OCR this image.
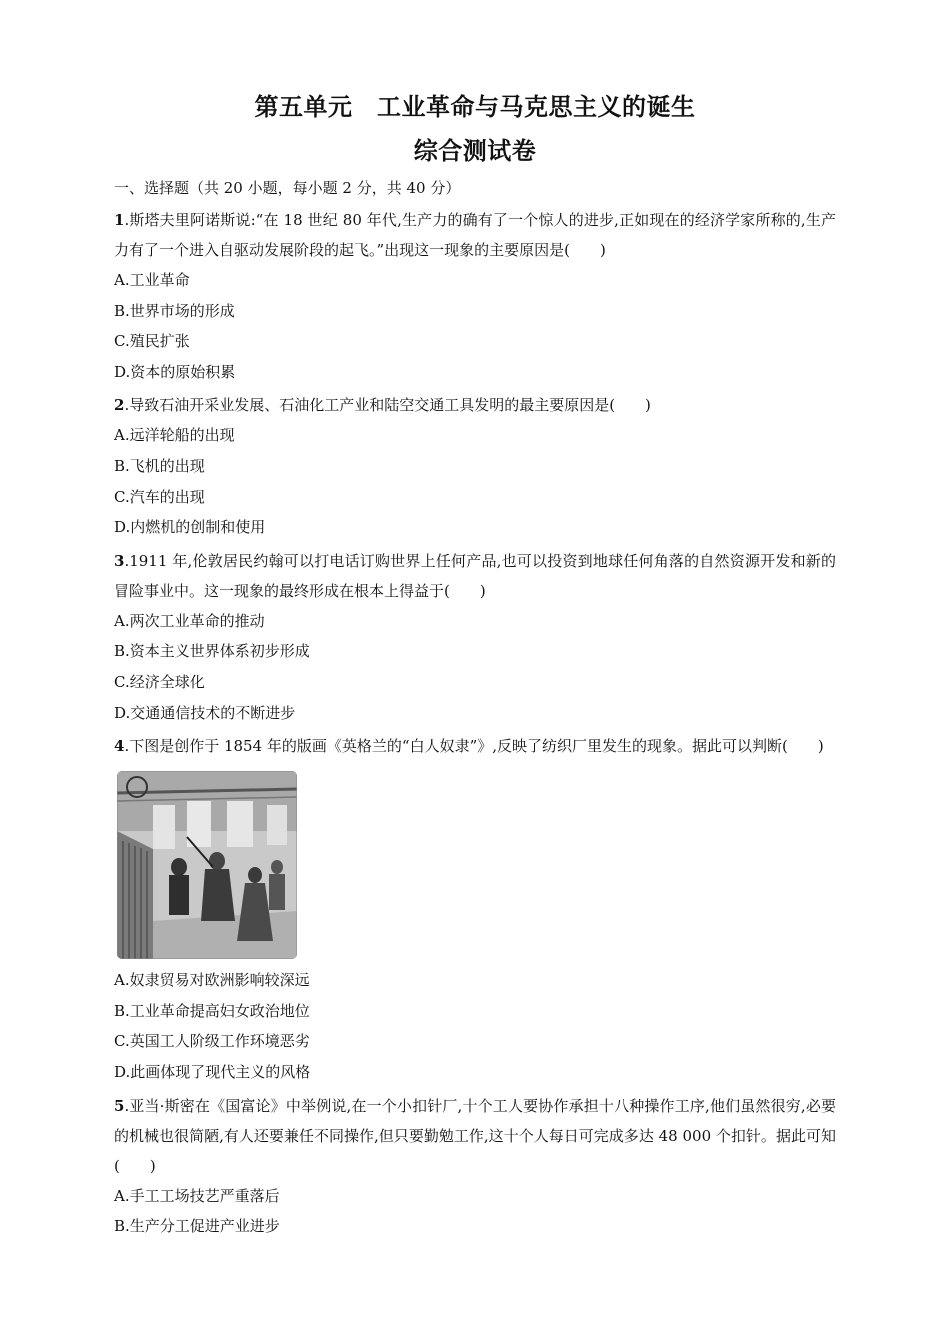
第五单元　工业革命与马克思主义的诞生
综合测试卷
一、选择题（共 20 小题，每小题 2 分，共 40 分）
1.斯塔夫里阿诺斯说:“在 18 世纪 80 年代,生产力的确有了一个惊人的进步,正如现在的经济学家所称的,生产力有了一个进入自驱动发展阶段的起飞。”出现这一现象的主要原因是(　　)
A.工业革命
B.世界市场的形成
C.殖民扩张
D.资本的原始积累
2.导致石油开采业发展、石油化工产业和陆空交通工具发明的最主要原因是(　　)
A.远洋轮船的出现
B.飞机的出现
C.汽车的出现
D.内燃机的创制和使用
3.1911 年,伦敦居民约翰可以打电话订购世界上任何产品,也可以投资到地球任何角落的自然资源开发和新的冒险事业中。这一现象的最终形成在根本上得益于(　　)
A.两次工业革命的推动
B.资本主义世界体系初步形成
C.经济全球化
D.交通通信技术的不断进步
4.下图是创作于 1854 年的版画《英格兰的“白人奴隶”》,反映了纺织厂里发生的现象。据此可以判断(　　)
A.奴隶贸易对欧洲影响较深远
B.工业革命提高妇女政治地位
C.英国工人阶级工作环境恶劣
D.此画体现了现代主义的风格
5.亚当·斯密在《国富论》中举例说,在一个小扣针厂,十个工人要协作承担十八种操作工序,他们虽然很穷,必要的机械也很简陋,有人还要兼任不同操作,但只要勤勉工作,这十个人每日可完成多达 48 000 个扣针。据此可知(　　)
A.手工工场技艺严重落后
B.生产分工促进产业进步
